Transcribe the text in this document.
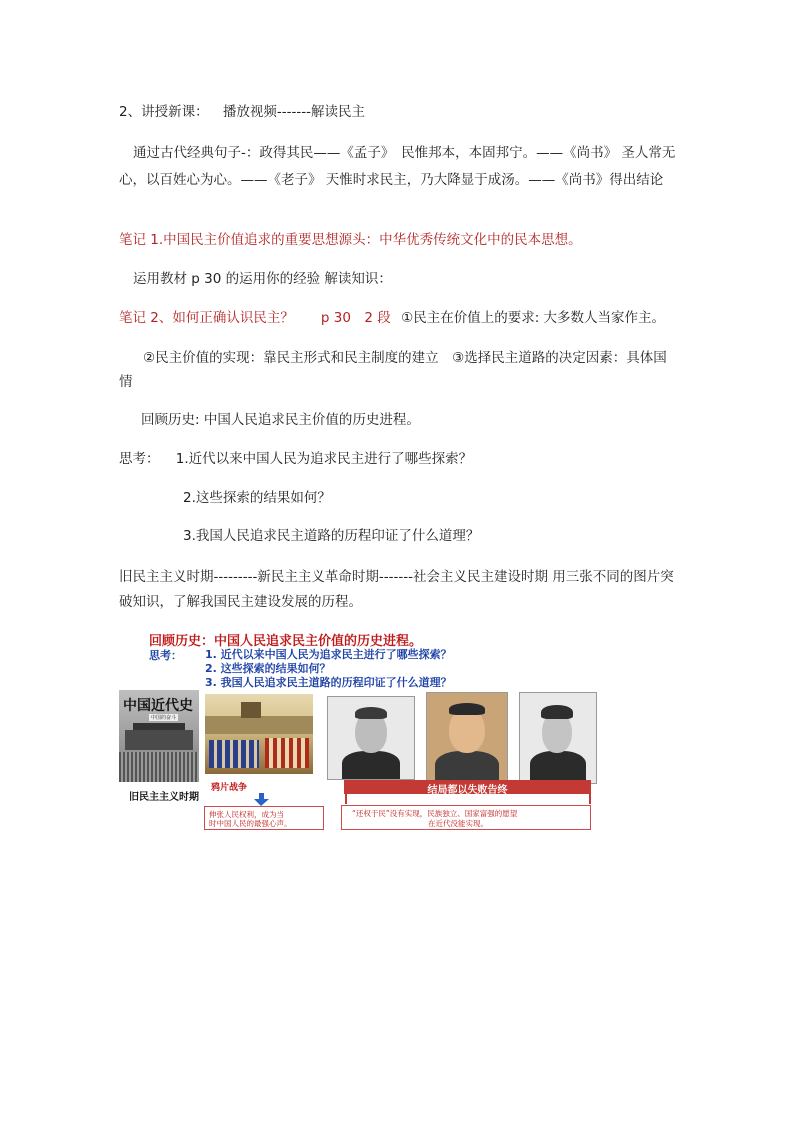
2、讲授新课： 播放视频-------解读民主
通过古代经典句子-：政得其民——《孟子》　民惟邦本，本固邦宁。——《尚书》 圣人常无心，以百姓心为心。——《老子》 天惟时求民主，乃大降显于成汤。——《尚书》得出结论
笔记 1.中国民主价值追求的重要思想源头：中华优秀传统文化中的民本思想。
运用教材 p 30 的运用你的经验 解读知识：
笔记 2、如何正确认识民主？　　p 30　2 段 ①民主在价值上的要求: 大多数人当家作主。
②民主价值的实现：靠民主形式和民主制度的建立　③选择民主道路的决定因素：具体国情
回顾历史: 中国人民追求民主价值的历史进程。
思考： 1.近代以来中国人民为追求民主进行了哪些探索？
2.这些探索的结果如何？
3.我国人民追求民主道路的历程印证了什么道理？
旧民主主义时期---------新民主主义革命时期-------社会主义民主建设时期 用三张不同的图片突破知识，了解我国民主建设发展的历程。
回顾历史：中国人民追求民主价值的历史进程。
思考： 1. 近代以来中国人民为追求民主进行了哪些探索？
2. 这些探索的结果如何？
3. 我国人民追求民主道路的历程印证了什么道理？
中国近代史
中国的奋斗
旧民主主义时期
鸦片战争
伸张人民权利，成为当
时中国人民的最强心声。
结局都以失败告终
“还权于民”没有实现，民族独立、国家富强的愿望
在近代没能实现。
